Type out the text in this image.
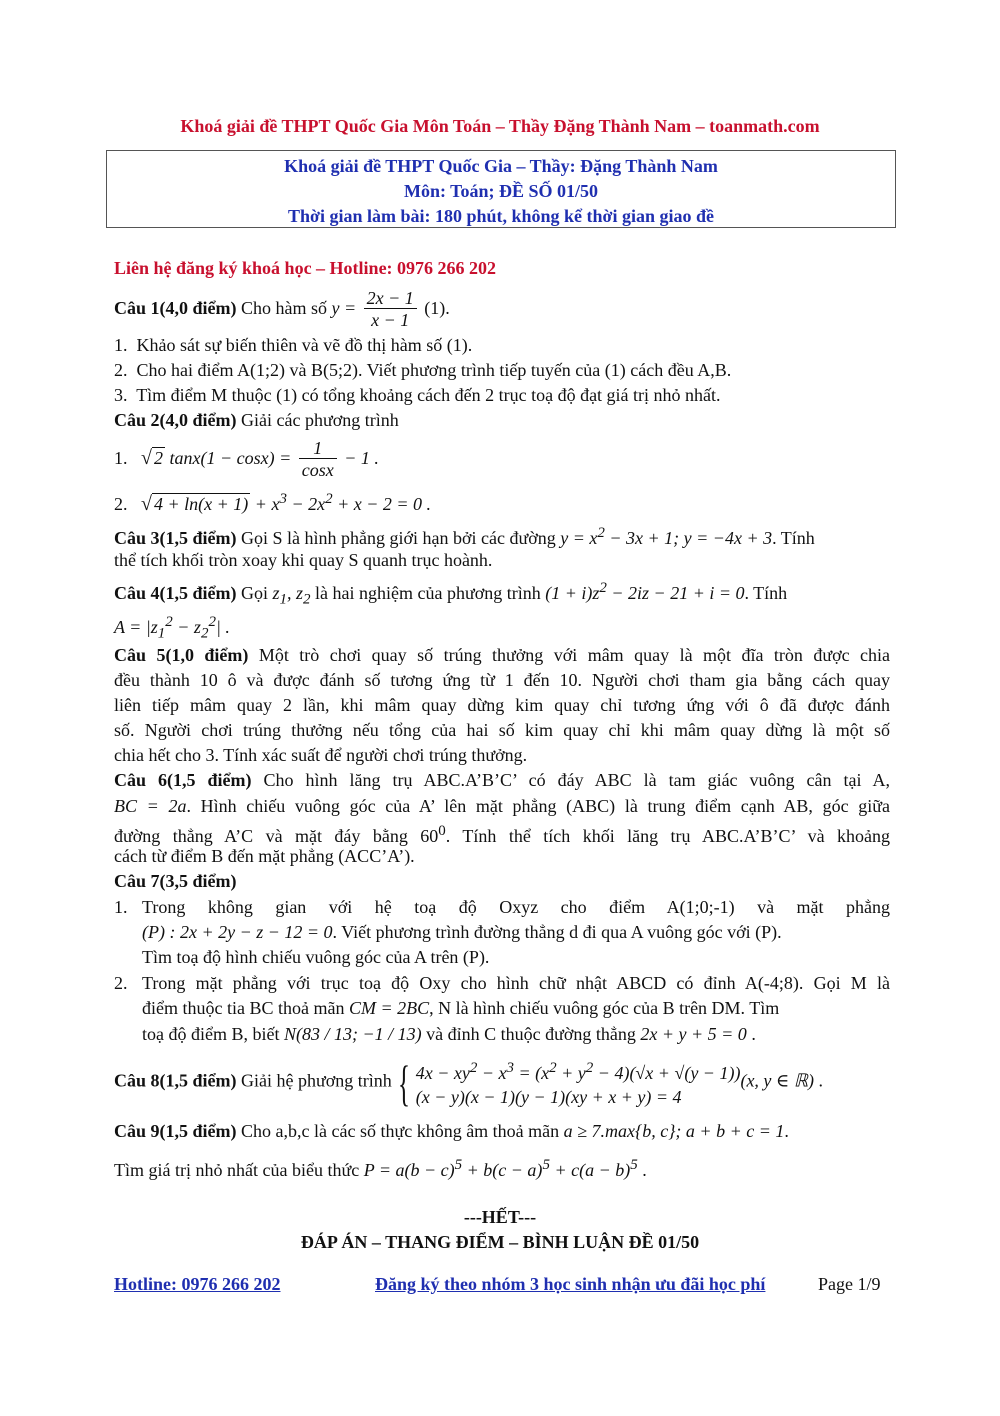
Khoá giải đề THPT Quốc Gia Môn Toán – Thầy Đặng Thành Nam – toanmath.com
Khoá giải đề THPT Quốc Gia – Thầy: Đặng Thành Nam
Môn: Toán; ĐỀ SỐ 01/50
Thời gian làm bài: 180 phút, không kể thời gian giao đề
Liên hệ đăng ký khoá học – Hotline: 0976 266 202
Câu 1(4,0 điểm) Cho hàm số $y = \frac{2x - 1}{x - 1} (1)$.
1.  Khảo sát sự biến thiên và vẽ đồ thị hàm số (1).
2.  Cho hai điểm A(1;2) và B(5;2). Viết phương trình tiếp tuyến của (1) cách đều A,B.
3.  Tìm điểm M thuộc (1) có tổng khoảng cách đến 2 trục toạ độ đạt giá trị nhỏ nhất.
Câu 2(4,0 điểm) Giải các phương trình
1.   √ 2 $\tan x(1 - \cos x) = \frac{1}{\cos x} - 1$ .
2.   √ $4 + \ln(x + 1) + x^3 - 2x^2 + x - 2 = 0$ .
Câu 3(1,5 điểm) Gọi S là hình phẳng giới hạn bởi các đường $y = x^2 - 3x + 1$; y = −4x + 3. Tính
thể tích khối tròn xoay khi quay S quanh trục hoành.
Câu 4(1,5 điểm) Gọi $z_1$, $z_2$ là hai nghiệm của phương trình $(1 + i)z^2 - 2iz - 21 + i = 0$. Tính
$A = |z_1^2 - z_2^2|$ .
Câu 5(1,0 điểm) Một trò chơi quay số trúng thưởng với mâm quay là một đĩa tròn được chia
đều thành 10 ô và được đánh số tương ứng từ 1 đến 10. Người chơi tham gia bằng cách quay
liên tiếp mâm quay 2 lần, khi mâm quay dừng kim quay chỉ tương ứng với ô đã được đánh
số. Người chơi trúng thưởng nếu tổng của hai số kim quay chỉ khi mâm quay dừng là một số
chia hết cho 3. Tính xác suất để người chơi trúng thưởng.
Câu 6(1,5 điểm) Cho hình lăng trụ ABC.A’B’C’ có đáy ABC là tam giác vuông cân tại A,
BC = 2a. Hình chiếu vuông góc của A’ lên mặt phẳng (ABC) là trung điểm cạnh AB, góc giữa
đường thẳng A’C và mặt đáy bằng $60^0$. Tính thể tích khối lăng trụ ABC.A’B’C’ và khoảng
cách từ điểm B đến mặt phẳng (ACC’A’).
Câu 7(3,5 điểm)
1. Trong không gian với hệ toạ độ Oxyz cho điểm A(1;0;-1) và mặt phẳng
(P) : 2x + 2y − z − 12 = 0. Viết phương trình đường thẳng d đi qua A vuông góc với (P).
Tìm toạ độ hình chiếu vuông góc của A trên (P).
2. Trong mặt phẳng với trục toạ độ Oxy cho hình chữ nhật ABCD có đỉnh A(-4;8). Gọi M là
điểm thuộc tia BC thoả mãn CM = 2BC, N là hình chiếu vuông góc của B trên DM. Tìm
toạ độ điểm B, biết N(83 / 13; −1 / 13) và đỉnh C thuộc đường thẳng 2x + y + 5 = 0 .
Câu 8(1,5 điểm) Giải hệ phương trình { $4x - xy^2 - x^3 = (x^2 + y^2 - 4)(√x + √(y - 1))$
(x − y)(x − 1)(y − 1)(xy + x + y) = 4
(x, y ∈ ℝ) .
Câu 9(1,5 điểm) Cho a,b,c là các số thực không âm thoả mãn a ≥ 7.max{b, c}; a + b + c = 1.
Tìm giá trị nhỏ nhất của biểu thức $P = a(b - c)^5 + b(c - a)^5 + c(a - b)^5$ .
---HẾT---
ĐÁP ÁN – THANG ĐIỂM – BÌNH LUẬN ĐỀ 01/50
Hotline: 0976 266 202	Đăng ký theo nhóm 3 học sinh nhận ưu đãi học phí	Page 1/9
